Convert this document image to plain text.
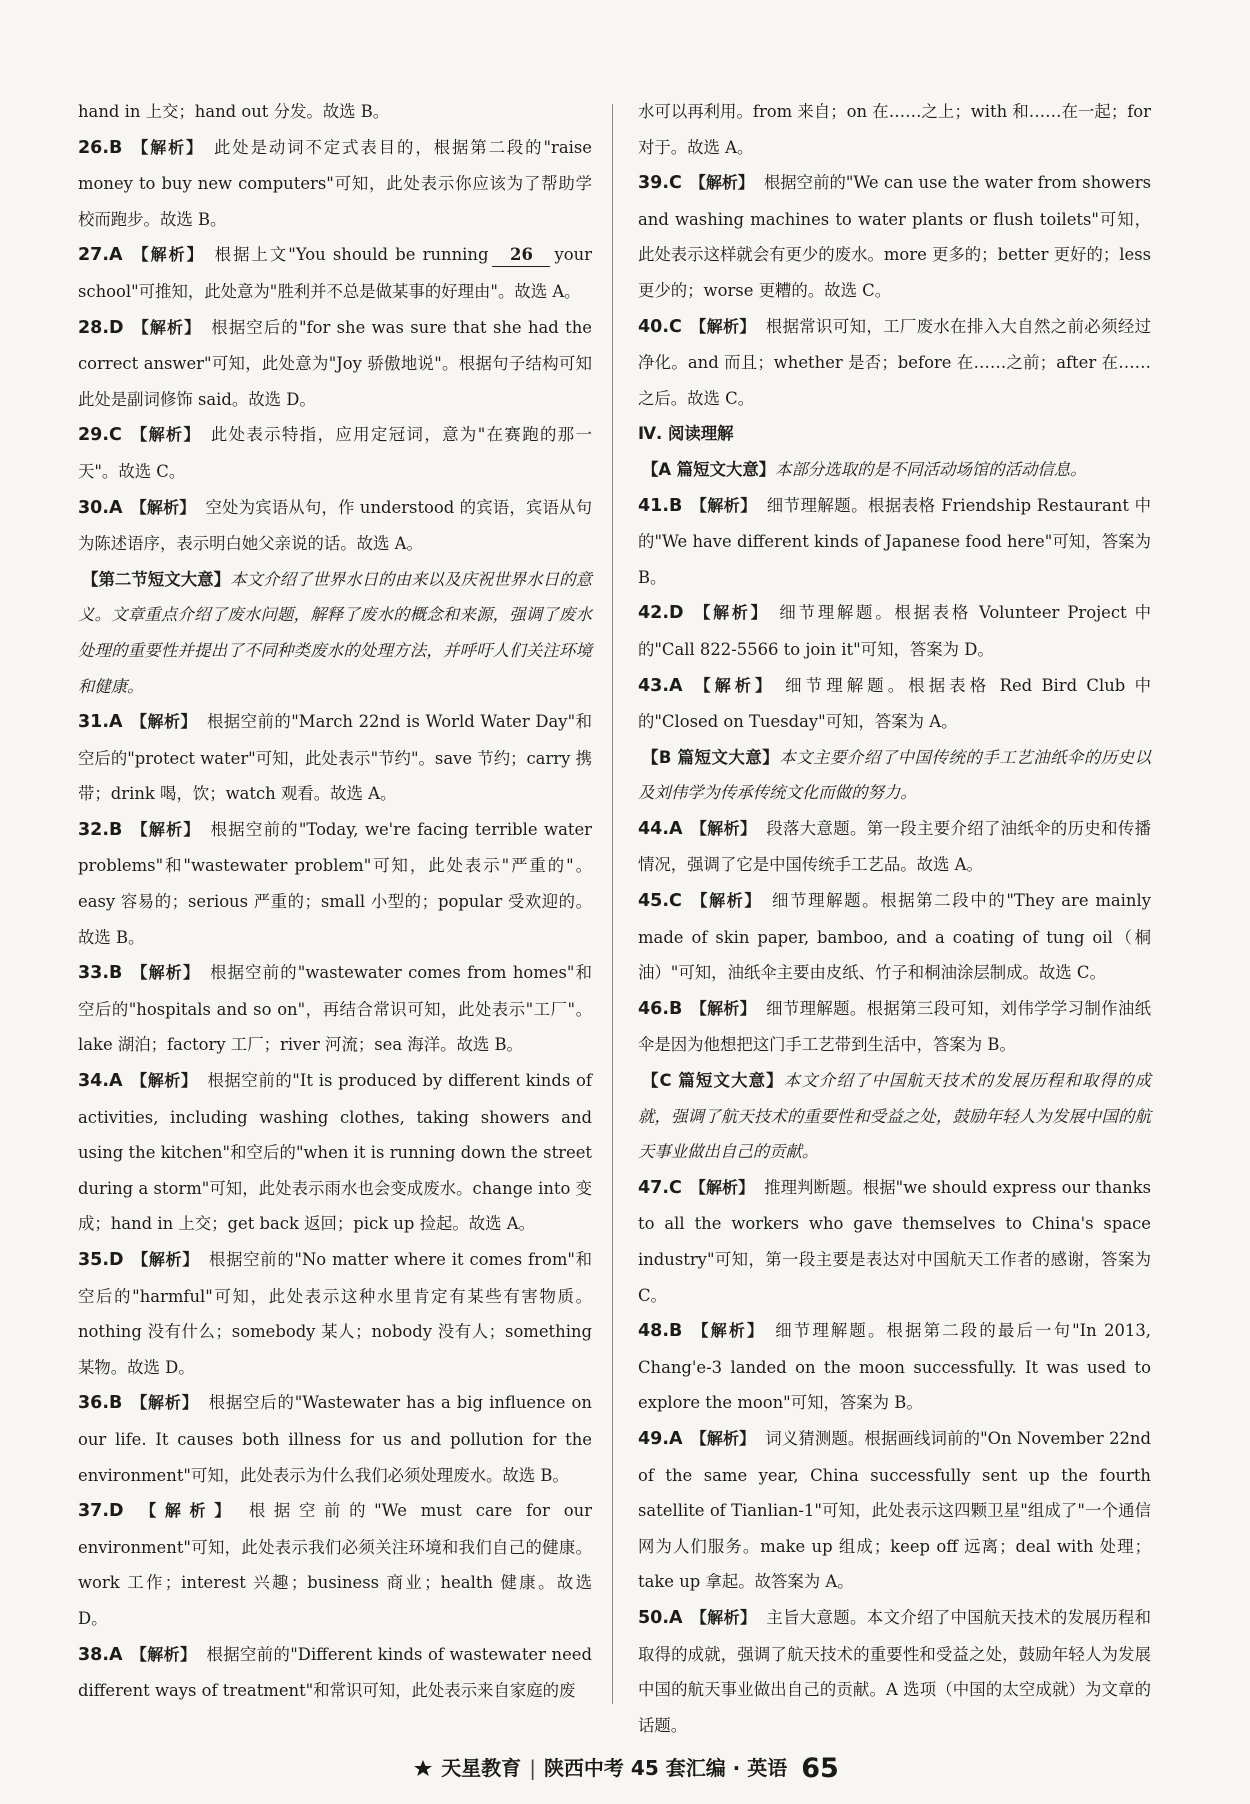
hand in 上交；hand out 分发。故选 B。
26.B 【解析】 此处是动词不定式表目的，根据第二段的"raise money to buy new computers"可知，此处表示你应该为了帮助学校而跑步。故选 B。
27.A 【解析】 根据上文"You should be running 26 your school"可推知，此处意为"胜利并不总是做某事的好理由"。故选 A。
28.D 【解析】 根据空后的"for she was sure that she had the correct answer"可知，此处意为"Joy 骄傲地说"。根据句子结构可知此处是副词修饰 said。故选 D。
29.C 【解析】 此处表示特指，应用定冠词，意为"在赛跑的那一天"。故选 C。
30.A 【解析】 空处为宾语从句，作 understood 的宾语，宾语从句为陈述语序，表示明白她父亲说的话。故选 A。
【第二节短文大意】本文介绍了世界水日的由来以及庆祝世界水日的意义。文章重点介绍了废水问题，解释了废水的概念和来源，强调了废水处理的重要性并提出了不同种类废水的处理方法，并呼吁人们关注环境和健康。
31.A 【解析】 根据空前的"March 22nd is World Water Day"和空后的"protect water"可知，此处表示"节约"。save 节约；carry 携带；drink 喝，饮；watch 观看。故选 A。
32.B 【解析】 根据空前的"Today, we're facing terrible water problems"和"wastewater problem"可知，此处表示"严重的"。easy 容易的；serious 严重的；small 小型的；popular 受欢迎的。故选 B。
33.B 【解析】 根据空前的"wastewater comes from homes"和空后的"hospitals and so on"，再结合常识可知，此处表示"工厂"。lake 湖泊；factory 工厂；river 河流；sea 海洋。故选 B。
34.A 【解析】 根据空前的"It is produced by different kinds of activities, including washing clothes, taking showers and using the kitchen"和空后的"when it is running down the street during a storm"可知，此处表示雨水也会变成废水。change into 变成；hand in 上交；get back 返回；pick up 捡起。故选 A。
35.D 【解析】 根据空前的"No matter where it comes from"和空后的"harmful"可知，此处表示这种水里肯定有某些有害物质。nothing 没有什么；somebody 某人；nobody 没有人；something 某物。故选 D。
36.B 【解析】 根据空后的"Wastewater has a big influence on our life. It causes both illness for us and pollution for the environment"可知，此处表示为什么我们必须处理废水。故选 B。
37.D 【解析】 根据空前的"We must care for our environment"可知，此处表示我们必须关注环境和我们自己的健康。work 工作；interest 兴趣；business 商业；health 健康。故选 D。
38.A 【解析】 根据空前的"Different kinds of wastewater need different ways of treatment"和常识可知，此处表示来自家庭的废
水可以再利用。from 来自；on 在……之上；with 和……在一起；for 对于。故选 A。
39.C 【解析】 根据空前的"We can use the water from showers and washing machines to water plants or flush toilets"可知，此处表示这样就会有更少的废水。more 更多的；better 更好的；less 更少的；worse 更糟的。故选 C。
40.C 【解析】 根据常识可知，工厂废水在排入大自然之前必须经过净化。and 而且；whether 是否；before 在……之前；after 在……之后。故选 C。
Ⅳ. 阅读理解
【A 篇短文大意】本部分选取的是不同活动场馆的活动信息。
41.B 【解析】 细节理解题。根据表格 Friendship Restaurant 中的"We have different kinds of Japanese food here"可知，答案为 B。
42.D 【解析】 细节理解题。根据表格 Volunteer Project 中的"Call 822-5566 to join it"可知，答案为 D。
43.A 【解析】 细节理解题。根据表格 Red Bird Club 中的"Closed on Tuesday"可知，答案为 A。
【B 篇短文大意】本文主要介绍了中国传统的手工艺油纸伞的历史以及刘伟学为传承传统文化而做的努力。
44.A 【解析】 段落大意题。第一段主要介绍了油纸伞的历史和传播情况，强调了它是中国传统手工艺品。故选 A。
45.C 【解析】 细节理解题。根据第二段中的"They are mainly made of skin paper, bamboo, and a coating of tung oil（桐油）"可知，油纸伞主要由皮纸、竹子和桐油涂层制成。故选 C。
46.B 【解析】 细节理解题。根据第三段可知，刘伟学学习制作油纸伞是因为他想把这门手工艺带到生活中，答案为 B。
【C 篇短文大意】本文介绍了中国航天技术的发展历程和取得的成就，强调了航天技术的重要性和受益之处，鼓励年轻人为发展中国的航天事业做出自己的贡献。
47.C 【解析】 推理判断题。根据"we should express our thanks to all the workers who gave themselves to China's space industry"可知，第一段主要是表达对中国航天工作者的感谢，答案为 C。
48.B 【解析】 细节理解题。根据第二段的最后一句"In 2013, Chang'e-3 landed on the moon successfully. It was used to explore the moon"可知，答案为 B。
49.A 【解析】 词义猜测题。根据画线词前的"On November 22nd of the same year, China successfully sent up the fourth satellite of Tianlian-1"可知，此处表示这四颗卫星"组成了"一个通信网为人们服务。make up 组成；keep off 远离；deal with 处理；take up 拿起。故答案为 A。
50.A 【解析】 主旨大意题。本文介绍了中国航天技术的发展历程和取得的成就，强调了航天技术的重要性和受益之处，鼓励年轻人为发展中国的航天事业做出自己的贡献。A 选项（中国的太空成就）为文章的话题。
天星教育 | 陕西中考 45 套汇编 · 英语 65
